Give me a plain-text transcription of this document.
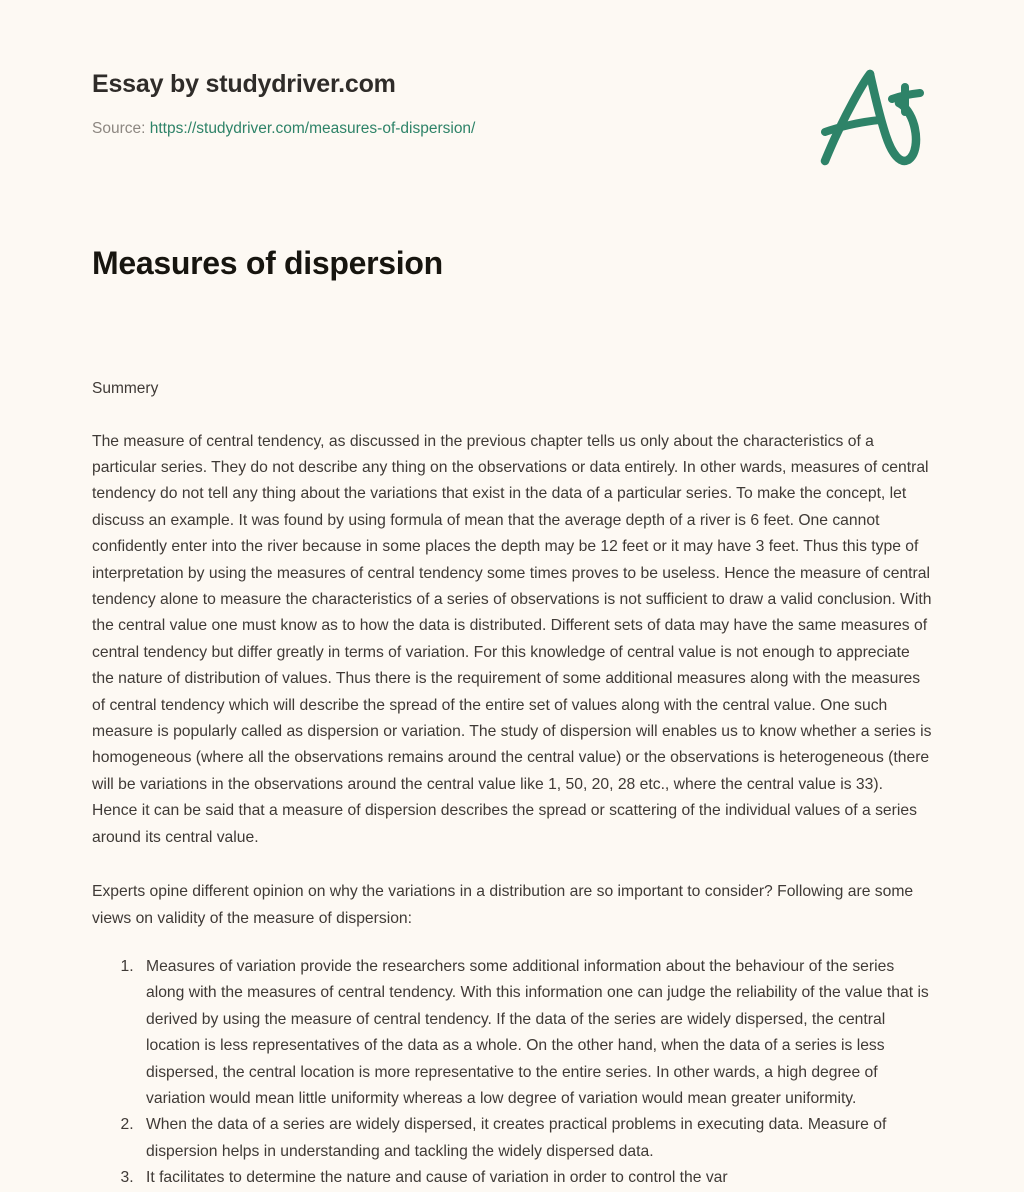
Essay by studydriver.com
Source: https://studydriver.com/measures-of-dispersion/
Measures of dispersion
Summery

The measure of central tendency, as discussed in the previous chapter tells us only about the characteristics of a particular series. They do not describe any thing on the observations or data entirely. In other wards, measures of central tendency do not tell any thing about the variations that exist in the data of a particular series. To make the concept, let discuss an example. It was found by using formula of mean that the average depth of a river is 6 feet. One cannot confidently enter into the river because in some places the depth may be 12 feet or it may have 3 feet. Thus this type of interpretation by using the measures of central tendency some times proves to be useless. Hence the measure of central tendency alone to measure the characteristics of a series of observations is not sufficient to draw a valid conclusion. With the central value one must know as to how the data is distributed. Different sets of data may have the same measures of central tendency but differ greatly in terms of variation. For this knowledge of central value is not enough to appreciate the nature of distribution of values. Thus there is the requirement of some additional measures along with the measures of central tendency which will describe the spread of the entire set of values along with the central value. One such measure is popularly called as dispersion or variation. The study of dispersion will enables us to know whether a series is homogeneous (where all the observations remains around the central value) or the observations is heterogeneous (there will be variations in the observations around the central value like 1, 50, 20, 28 etc., where the central value is 33). Hence it can be said that a measure of dispersion describes the spread or scattering of the individual values of a series around its central value.

Experts opine different opinion on why the variations in a distribution are so important to consider? Following are some views on validity of the measure of dispersion:

1. Measures of variation provide the researchers some additional information about the behaviour of the series along with the measures of central tendency. With this information one can judge the reliability of the value that is derived by using the measure of central tendency. If the data of the series are widely dispersed, the central location is less representatives of the data as a whole. On the other hand, when the data of a series is less dispersed, the central location is more representative to the entire series. In other wards, a high degree of variation would mean little uniformity whereas a low degree of variation would mean greater uniformity.
2. When the data of a series are widely dispersed, it creates practical problems in executing data. Measure of dispersion helps in understanding and tackling the widely dispersed data.
3. It facilitates to determine the nature and cause of variation in order to control the var
